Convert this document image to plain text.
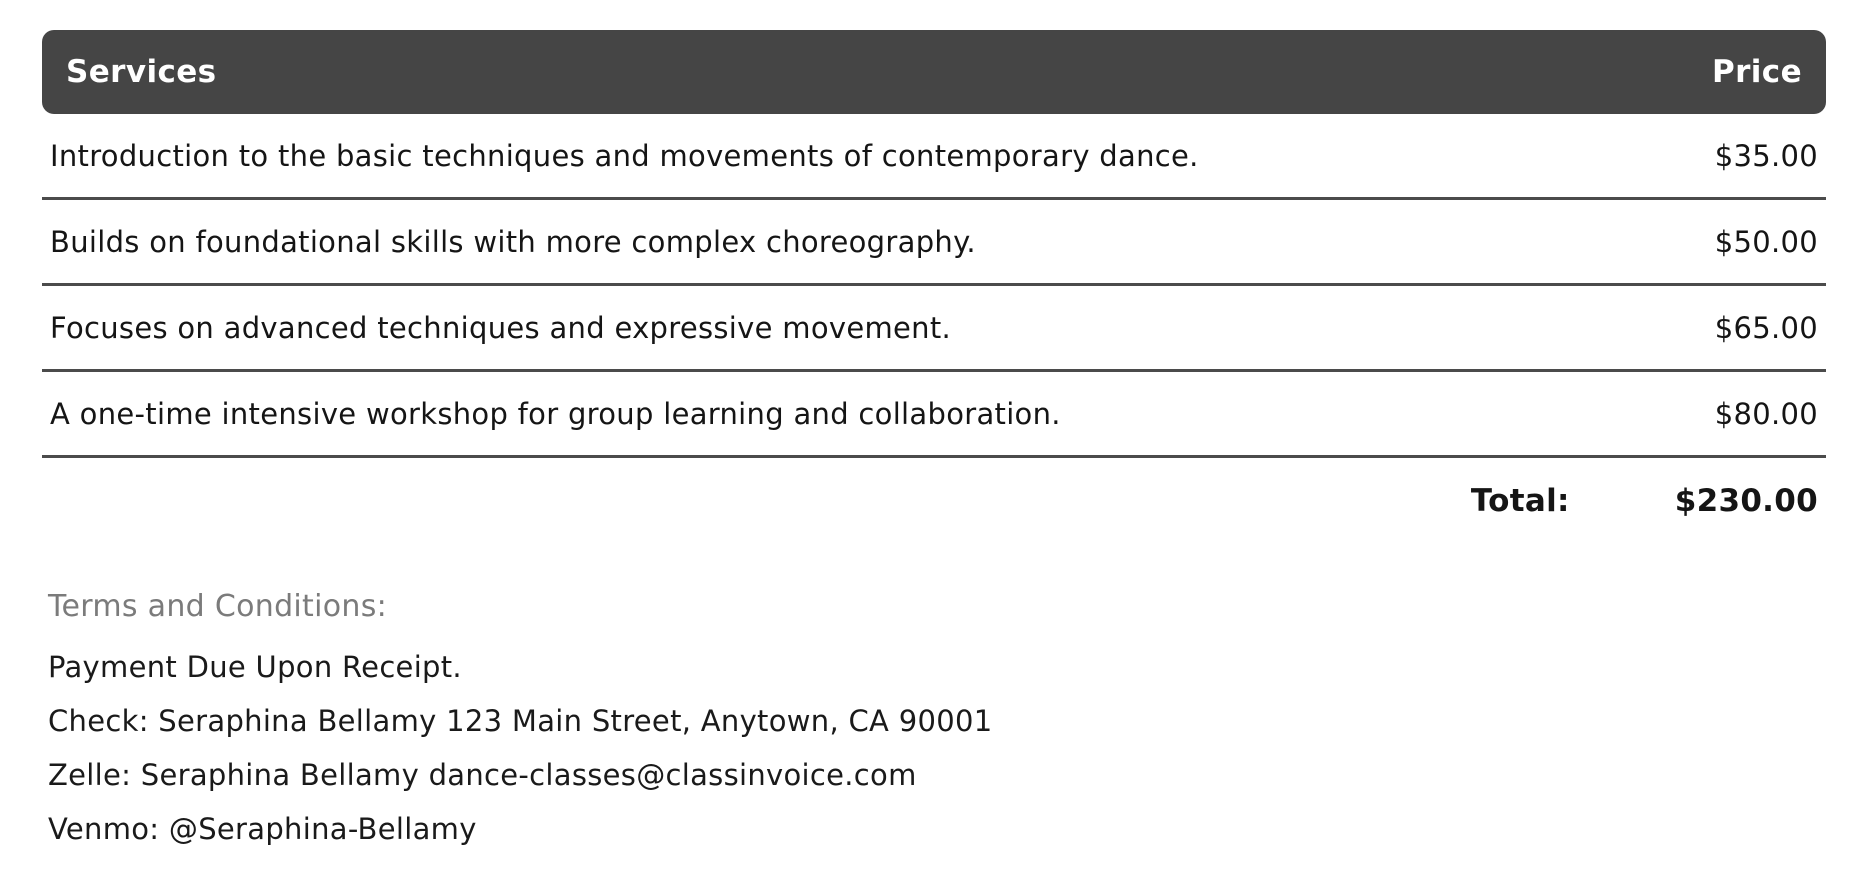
Services	Price
Introduction to the basic techniques and movements of contemporary dance.	$35.00
Builds on foundational skills with more complex choreography.	$50.00
Focuses on advanced techniques and expressive movement.	$65.00
A one-time intensive workshop for group learning and collaboration.	$80.00
Total:	$230.00
Terms and Conditions:
Payment Due Upon Receipt.
Check: Seraphina Bellamy 123 Main Street, Anytown, CA 90001
Zelle: Seraphina Bellamy dance-classes@classinvoice.com
Venmo: @Seraphina-Bellamy
